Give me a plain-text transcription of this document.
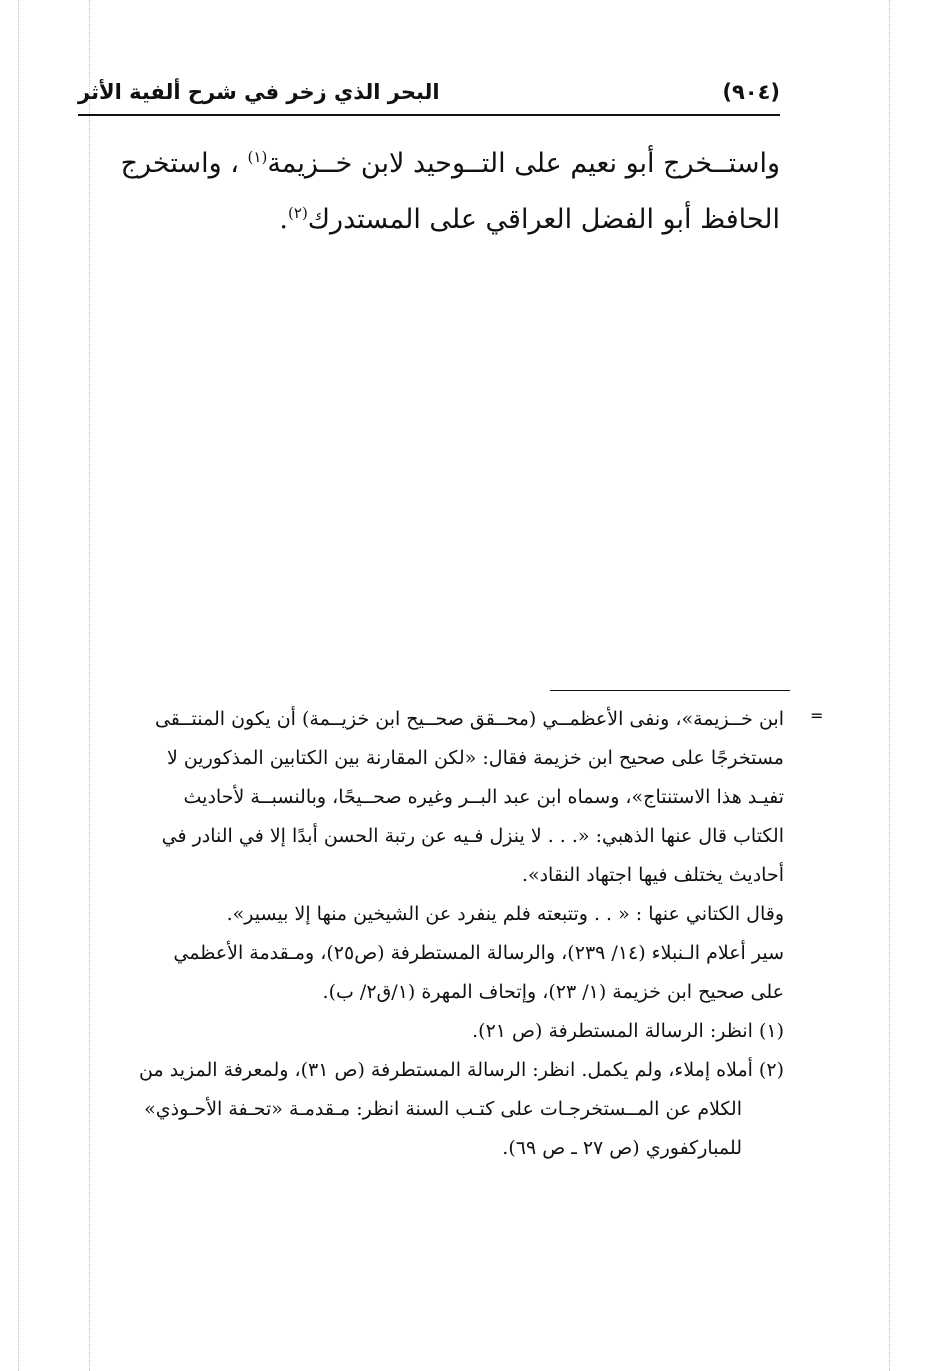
البحر الذي زخر في شرح ألفية الأثر	(٩٠٤)

واستــخرج أبو نعيم على التــوحيد لابن خــزيمة$^{(١)}$ ، واستخرج

الحافظ أبو الفضل العراقي على المستدرك$^{(٢)}$.

=
ابن خــزيمة»، ونفى الأعظمــي (محــقق صحــيح ابن خزيــمة) أن يكون المنتــقى
مستخرجًا على صحيح ابن خزيمة فقال: «لكن المقارنة بين الكتابين المذكورين لا
تفيـد هذا الاستنتاج»، وسماه ابن عبد البــر وغيره صحــيحًا، وبالنسبــة لأحاديث
الكتاب قال عنها الذهبي: «. . . لا ينزل فـيه عن رتبة الحسن أبدًا إلا في النادر في
أحاديث يختلف فيها اجتهاد النقاد».
وقال الكتاني عنها : « . . وتتبعته فلم ينفرد عن الشيخين منها إلا بيسير».
سير أعلام الـنبلاء (١٤/ ٢٣٩)، والرسالة المستطرفة (ص٢٥)، ومـقدمة الأعظمي
على صحيح ابن خزيمة (١/ ٢٣)، وإتحاف المهرة (١/ق٢/ ب).
(١) انظر: الرسالة المستطرفة (ص ٢١).
(٢) أملاه إملاء، ولم يكمل. انظر: الرسالة المستطرفة (ص ٣١)، ولمعرفة المزيد من
الكلام عن المــستخرجـات على كتـب السنة انظر: مـقدمـة «تحـفة الأحـوذي»
للمباركفوري (ص ٢٧ ـ ص ٦٩).
